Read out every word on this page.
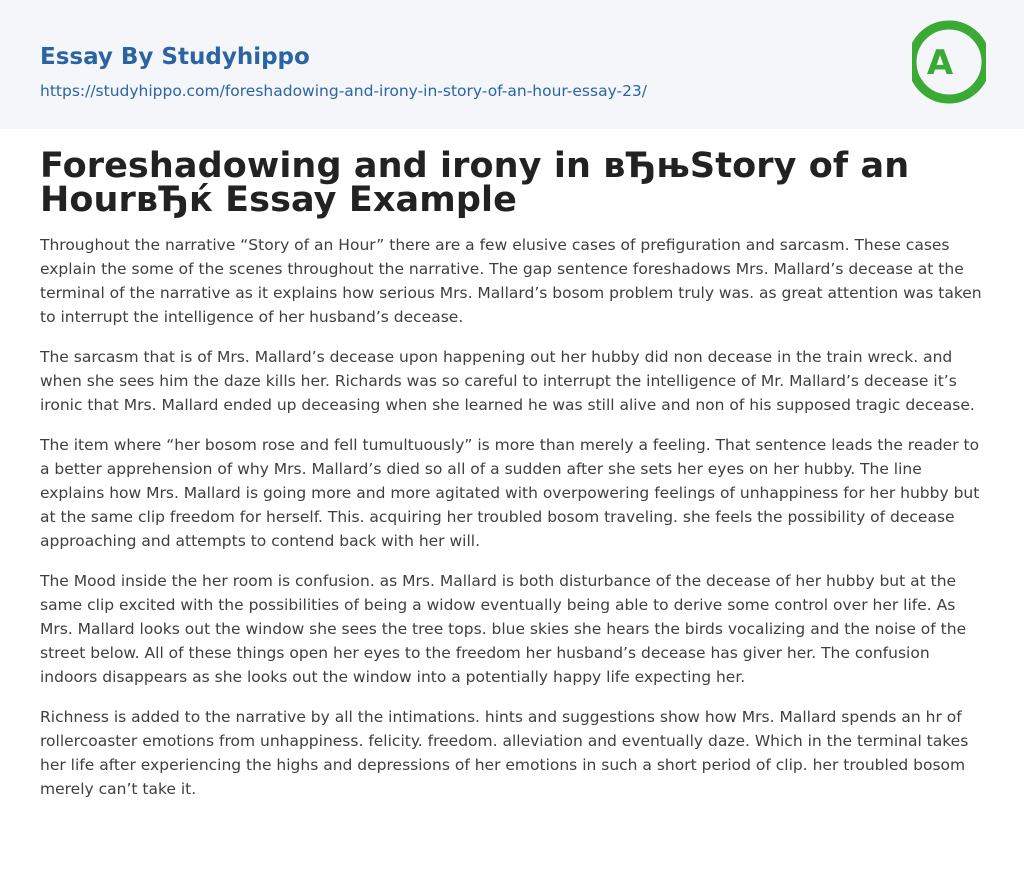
Essay By Studyhippo
https://studyhippo.com/foreshadowing-and-irony-in-story-of-an-hour-essay-23/
A
Foreshadowing and irony in вЂњStory of an HourвЂќ Essay Example

Throughout the narrative “Story of an Hour” there are a few elusive cases of prefiguration and sarcasm. These cases explain the some of the scenes throughout the narrative. The gap sentence foreshadows Mrs. Mallard’s decease at the terminal of the narrative as it explains how serious Mrs. Mallard’s bosom problem truly was. as great attention was taken to interrupt the intelligence of her husband’s decease.

The sarcasm that is of Mrs. Mallard’s decease upon happening out her hubby did non decease in the train wreck. and when she sees him the daze kills her. Richards was so careful to interrupt the intelligence of Mr. Mallard’s decease it’s ironic that Mrs. Mallard ended up deceasing when she learned he was still alive and non of his supposed tragic decease.

The item where “her bosom rose and fell tumultuously” is more than merely a feeling. That sentence leads the reader to a better apprehension of why Mrs. Mallard’s died so all of a sudden after she sets her eyes on her hubby. The line explains how Mrs. Mallard is going more and more agitated with overpowering feelings of unhappiness for her hubby but at the same clip freedom for herself. This. acquiring her troubled bosom traveling. she feels the possibility of decease approaching and attempts to contend back with her will.

The Mood inside the her room is confusion. as Mrs. Mallard is both disturbance of the decease of her hubby but at the same clip excited with the possibilities of being a widow eventually being able to derive some control over her life. As Mrs. Mallard looks out the window she sees the tree tops. blue skies she hears the birds vocalizing and the noise of the street below. All of these things open her eyes to the freedom her husband’s decease has giver her. The confusion indoors disappears as she looks out the window into a potentially happy life expecting her.

Richness is added to the narrative by all the intimations. hints and suggestions show how Mrs. Mallard spends an hr of rollercoaster emotions from unhappiness. felicity. freedom. alleviation and eventually daze. Which in the terminal takes her life after experiencing the highs and depressions of her emotions in such a short period of clip. her troubled bosom merely can’t take it.
